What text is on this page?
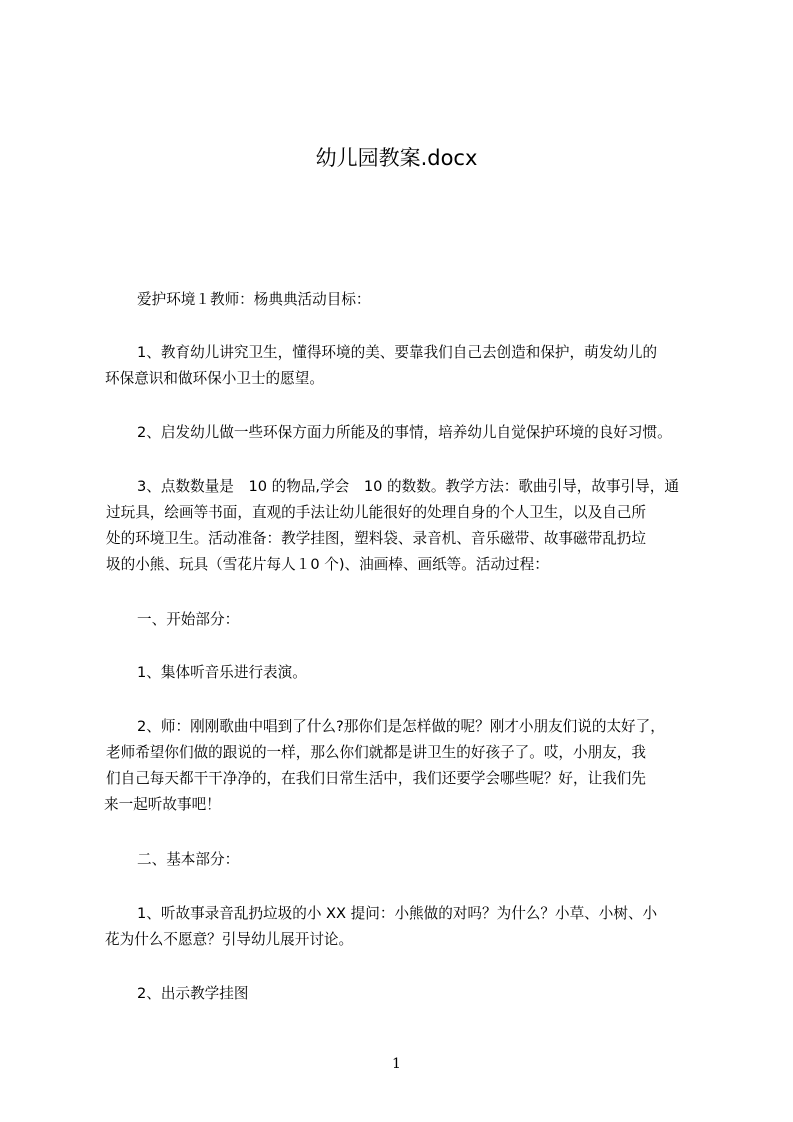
幼儿园教案.docx
爱护环境１教师：杨典典活动目标：
1、教育幼儿讲究卫生，懂得环境的美、要靠我们自己去创造和保护，萌发幼儿的
环保意识和做环保小卫士的愿望。
2、启发幼儿做一些环保方面力所能及的事情，培养幼儿自觉保护环境的良好习惯。
3、点数数量是　10 的物品,学会　10 的数数。教学方法：歌曲引导，故事引导，通
过玩具，绘画等书面，直观的手法让幼儿能很好的处理自身的个人卫生，以及自己所
处的环境卫生。活动准备：教学挂图，塑料袋、录音机、音乐磁带、故事磁带乱扔垃
圾的小熊、玩具（雪花片每人１0 个)、油画棒、画纸等。活动过程：
一、开始部分：
1、集体听音乐进行表演。
2、师：刚刚歌曲中唱到了什么?那你们是怎样做的呢？刚才小朋友们说的太好了，
老师希望你们做的跟说的一样，那么你们就都是讲卫生的好孩子了。哎，小朋友，我
们自己每天都干干净净的，在我们日常生活中，我们还要学会哪些呢？好，让我们先
来一起听故事吧！
二、基本部分：
1、听故事录音乱扔垃圾的小 XX 提问：小熊做的对吗？为什么？小草、小树、小
花为什么不愿意？引导幼儿展开讨论。
2、出示教学挂图
1
